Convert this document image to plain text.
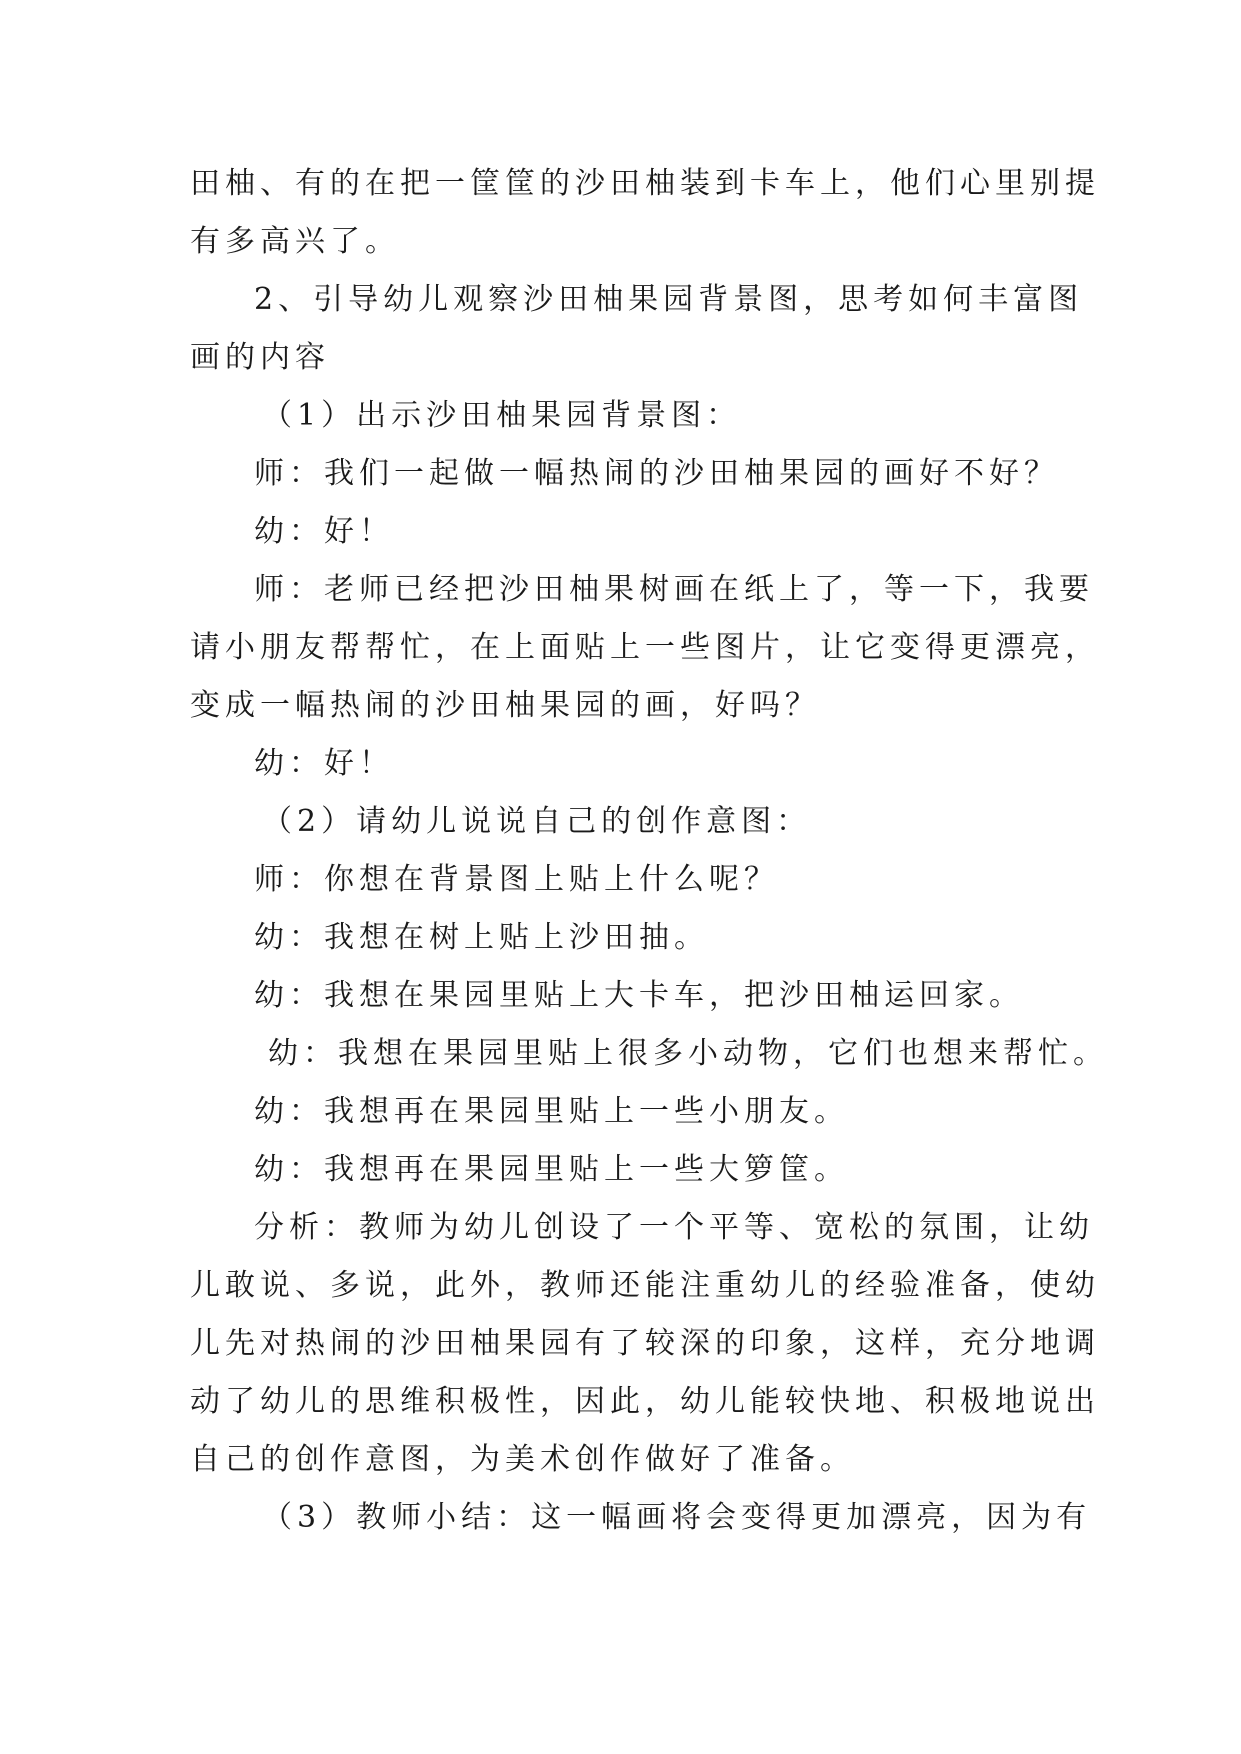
田柚、有的在把一筐筐的沙田柚装到卡车上，他们心里别提
有多高兴了。
2、引导幼儿观察沙田柚果园背景图，思考如何丰富图
画的内容
（1）出示沙田柚果园背景图：
师：我们一起做一幅热闹的沙田柚果园的画好不好？
幼：好！
师：老师已经把沙田柚果树画在纸上了，等一下，我要
请小朋友帮帮忙，在上面贴上一些图片，让它变得更漂亮，
变成一幅热闹的沙田柚果园的画，好吗？
幼：好！
（2）请幼儿说说自己的创作意图：
师：你想在背景图上贴上什么呢？
幼：我想在树上贴上沙田抽。
幼：我想在果园里贴上大卡车，把沙田柚运回家。
幼：我想在果园里贴上很多小动物，它们也想来帮忙。
幼：我想再在果园里贴上一些小朋友。
幼：我想再在果园里贴上一些大箩筐。
分析：教师为幼儿创设了一个平等、宽松的氛围，让幼
儿敢说、多说，此外，教师还能注重幼儿的经验准备，使幼
儿先对热闹的沙田柚果园有了较深的印象，这样，充分地调
动了幼儿的思维积极性，因此，幼儿能较快地、积极地说出
自己的创作意图，为美术创作做好了准备。
（3）教师小结：这一幅画将会变得更加漂亮，因为有
